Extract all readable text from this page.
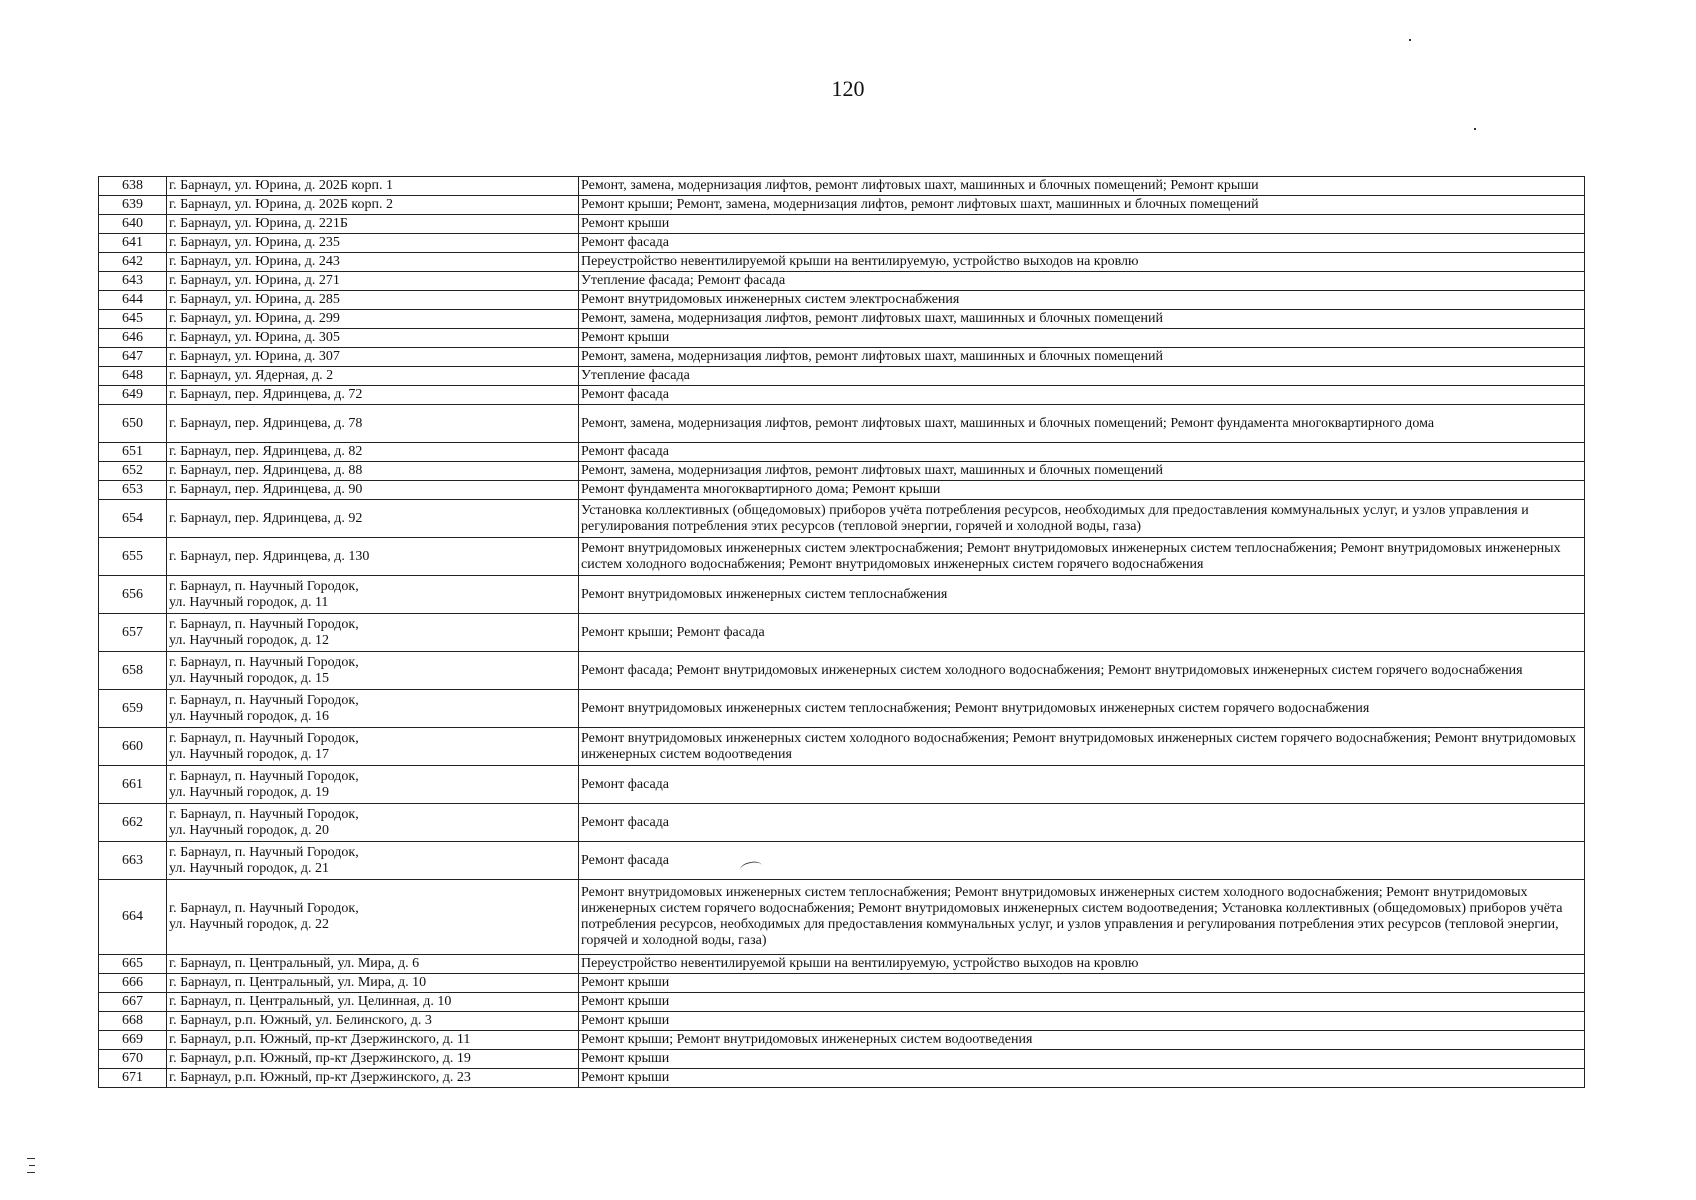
120
638	г. Барнаул, ул. Юрина, д. 202Б корп. 1	Ремонт, замена, модернизация лифтов, ремонт лифтовых шахт, машинных и блочных помещений; Ремонт крыши
639	г. Барнаул, ул. Юрина, д. 202Б корп. 2	Ремонт крыши; Ремонт, замена, модернизация лифтов, ремонт лифтовых шахт, машинных и блочных помещений
640	г. Барнаул, ул. Юрина, д. 221Б	Ремонт крыши
641	г. Барнаул, ул. Юрина, д. 235	Ремонт фасада
642	г. Барнаул, ул. Юрина, д. 243	Переустройство невентилируемой крыши на вентилируемую, устройство выходов на кровлю
643	г. Барнаул, ул. Юрина, д. 271	Утепление фасада; Ремонт фасада
644	г. Барнаул, ул. Юрина, д. 285	Ремонт внутридомовых инженерных систем электроснабжения
645	г. Барнаул, ул. Юрина, д. 299	Ремонт, замена, модернизация лифтов, ремонт лифтовых шахт, машинных и блочных помещений
646	г. Барнаул, ул. Юрина, д. 305	Ремонт крыши
647	г. Барнаул, ул. Юрина, д. 307	Ремонт, замена, модернизация лифтов, ремонт лифтовых шахт, машинных и блочных помещений
648	г. Барнаул, ул. Ядерная, д. 2	Утепление фасада
649	г. Барнаул, пер. Ядринцева, д. 72	Ремонт фасада
650	г. Барнаул, пер. Ядринцева, д. 78	Ремонт, замена, модернизация лифтов, ремонт лифтовых шахт, машинных и блочных помещений; Ремонт фундамента многоквартирного дома
651	г. Барнаул, пер. Ядринцева, д. 82	Ремонт фасада
652	г. Барнаул, пер. Ядринцева, д. 88	Ремонт, замена, модернизация лифтов, ремонт лифтовых шахт, машинных и блочных помещений
653	г. Барнаул, пер. Ядринцева, д. 90	Ремонт фундамента многоквартирного дома; Ремонт крыши
654	г. Барнаул, пер. Ядринцева, д. 92	Установка коллективных (общедомовых) приборов учёта потребления ресурсов, необходимых для предоставления коммунальных услуг, и узлов управления и регулирования потребления этих ресурсов (тепловой энергии, горячей и холодной воды, газа)
655	г. Барнаул, пер. Ядринцева, д. 130	Ремонт внутридомовых инженерных систем электроснабжения; Ремонт внутридомовых инженерных систем теплоснабжения; Ремонт внутридомовых инженерных систем холодного водоснабжения; Ремонт внутридомовых инженерных систем горячего водоснабжения
656	г. Барнаул, п. Научный Городок,
ул. Научный городок, д. 11	Ремонт внутридомовых инженерных систем теплоснабжения
657	г. Барнаул, п. Научный Городок,
ул. Научный городок, д. 12	Ремонт крыши; Ремонт фасада
658	г. Барнаул, п. Научный Городок,
ул. Научный городок, д. 15	Ремонт фасада; Ремонт внутридомовых инженерных систем холодного водоснабжения; Ремонт внутридомовых инженерных систем горячего водоснабжения
659	г. Барнаул, п. Научный Городок,
ул. Научный городок, д. 16	Ремонт внутридомовых инженерных систем теплоснабжения; Ремонт внутридомовых инженерных систем горячего водоснабжения
660	г. Барнаул, п. Научный Городок,
ул. Научный городок, д. 17	Ремонт внутридомовых инженерных систем холодного водоснабжения; Ремонт внутридомовых инженерных систем горячего водоснабжения; Ремонт внутридомовых инженерных систем водоотведения
661	г. Барнаул, п. Научный Городок,
ул. Научный городок, д. 19	Ремонт фасада
662	г. Барнаул, п. Научный Городок,
ул. Научный городок, д. 20	Ремонт фасада
663	г. Барнаул, п. Научный Городок,
ул. Научный городок, д. 21	Ремонт фасада
664	г. Барнаул, п. Научный Городок,
ул. Научный городок, д. 22	Ремонт внутридомовых инженерных систем теплоснабжения; Ремонт внутридомовых инженерных систем холодного водоснабжения; Ремонт внутридомовых инженерных систем горячего водоснабжения; Ремонт внутридомовых инженерных систем водоотведения; Установка коллективных (общедомовых) приборов учёта потребления ресурсов, необходимых для предоставления коммунальных услуг, и узлов управления и регулирования потребления этих ресурсов (тепловой энергии, горячей и холодной воды, газа)
665	г. Барнаул, п. Центральный, ул. Мира, д. 6	Переустройство невентилируемой крыши на вентилируемую, устройство выходов на кровлю
666	г. Барнаул, п. Центральный, ул. Мира, д. 10	Ремонт крыши
667	г. Барнаул, п. Центральный, ул. Целинная, д. 10	Ремонт крыши
668	г. Барнаул, р.п. Южный, ул. Белинского, д. 3	Ремонт крыши
669	г. Барнаул, р.п. Южный, пр-кт Дзержинского, д. 11	Ремонт крыши; Ремонт внутридомовых инженерных систем водоотведения
670	г. Барнаул, р.п. Южный, пр-кт Дзержинского, д. 19	Ремонт крыши
671	г. Барнаул, р.п. Южный, пр-кт Дзержинского, д. 23	Ремонт крыши
